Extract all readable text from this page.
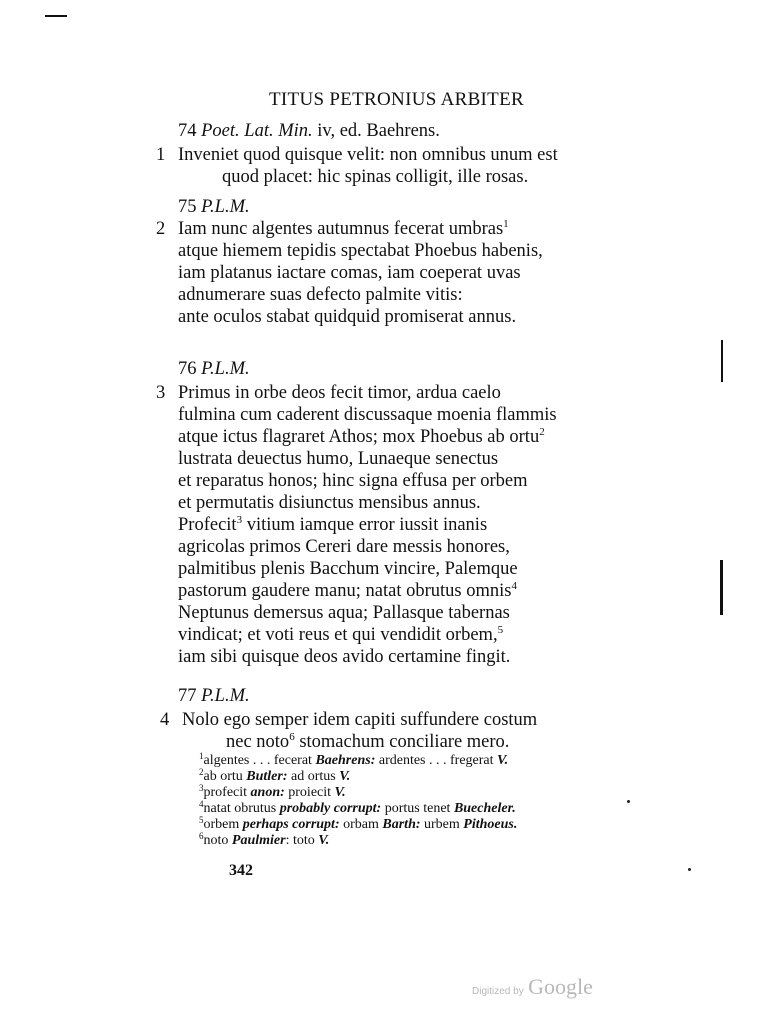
TITUS PETRONIUS ARBITER
74 Poet. Lat. Min. iv, ed. Baehrens.
1 Inveniet quod quisque velit: non omnibus unum est
quod placet: hic spinas colligit, ille rosas.
75 P.L.M.
2 Iam nunc algentes autumnus fecerat umbras$^1$
atque hiemem tepidis spectabat Phoebus habenis,
iam platanus iactare comas, iam coeperat uvas
adnumerare suas defecto palmite vitis:
ante oculos stabat quidquid promiserat annus.
76 P.L.M.
3 Primus in orbe deos fecit timor, ardua caelo
fulmina cum caderent discussaque moenia flammis
atque ictus flagraret Athos; mox Phoebus ab ortu$^2$
lustrata deuectus humo, Lunaeque senectus
et reparatus honos; hinc signa effusa per orbem
et permutatis disiunctus mensibus annus.
Profecit$^3$ vitium iamque error iussit inanis
agricolas primos Cereri dare messis honores,
palmitibus plenis Bacchum vincire, Palemque
pastorum gaudere manu; natat obrutus omnis$^4$
Neptunus demersus aqua; Pallasque tabernas
vindicat; et voti reus et qui vendidit orbem,$^5$
iam sibi quisque deos avido certamine fingit.
77 P.L.M.
4 Nolo ego semper idem capiti suffundere costum
nec noto$^6$ stomachum conciliare mero.
$^1$algentes . . . fecerat Baehrens: ardentes . . . fregerat V.
$^2$ab ortu Butler: ad ortus V.
$^3$profecit anon: proiecit V.
$^4$natat obrutus probably corrupt: portus tenet Buecheler.
$^5$orbem perhaps corrupt: orbam Barth: urbem Pithoeus.
$^6$noto Paulmier: toto V.
342
Digitized by Google
